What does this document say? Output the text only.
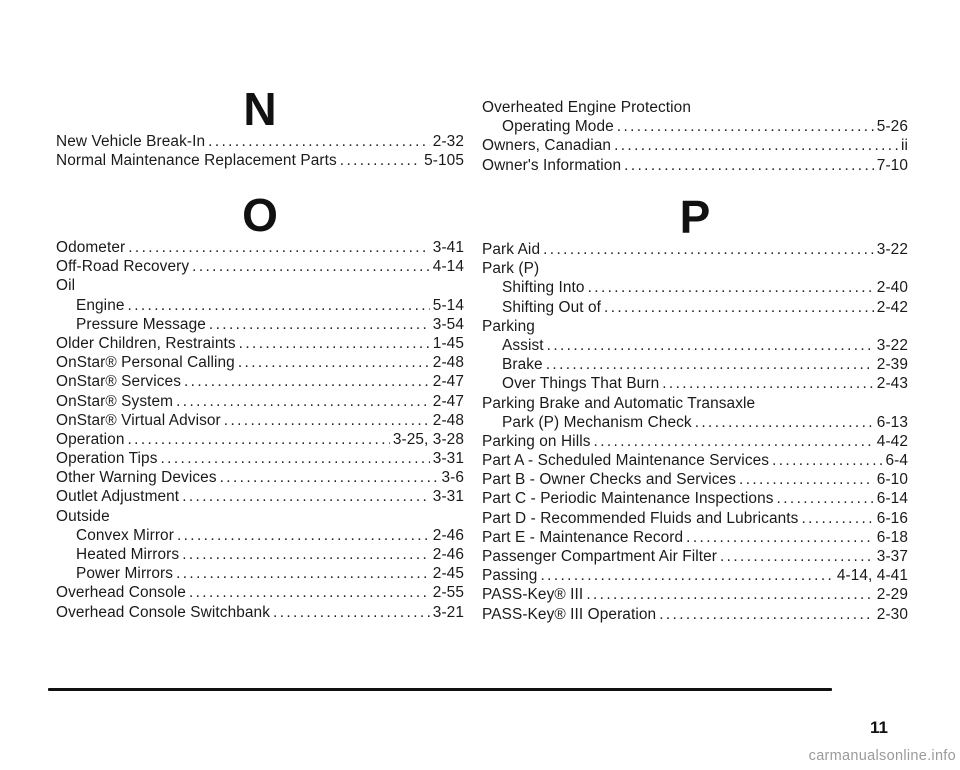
N
New Vehicle Break-In .....	2-32
Normal Maintenance Replacement Parts .....	5-105
O
Odometer .....	3-41
Off-Road Recovery .....	4-14
Oil
Engine .....	5-14
Pressure Message .....	3-54
Older Children, Restraints .....	1-45
OnStar® Personal Calling .....	2-48
OnStar® Services .....	2-47
OnStar® System .....	2-47
OnStar® Virtual Advisor .....	2-48
Operation .....	3-25, 3-28
Operation Tips .....	3-31
Other Warning Devices .....	3-6
Outlet Adjustment .....	3-31
Outside
Convex Mirror .....	2-46
Heated Mirrors .....	2-46
Power Mirrors .....	2-45
Overhead Console .....	2-55
Overhead Console Switchbank .....	3-21
Overheated Engine Protection
Operating Mode .....	5-26
Owners, Canadian .....	ii
Owner's Information .....	7-10
P
Park Aid .....	3-22
Park (P)
Shifting Into .....	2-40
Shifting Out of .....	2-42
Parking
Assist .....	3-22
Brake .....	2-39
Over Things That Burn .....	2-43
Parking Brake and Automatic Transaxle
Park (P) Mechanism Check .....	6-13
Parking on Hills .....	4-42
Part A - Scheduled Maintenance Services .....	6-4
Part B - Owner Checks and Services .....	6-10
Part C - Periodic Maintenance Inspections .....	6-14
Part D - Recommended Fluids and Lubricants .....	6-16
Part E - Maintenance Record .....	6-18
Passenger Compartment Air Filter .....	3-37
Passing .....	4-14, 4-41
PASS-Key® III .....	2-29
PASS-Key® III Operation .....	2-30
11
carmanualsonline.info
